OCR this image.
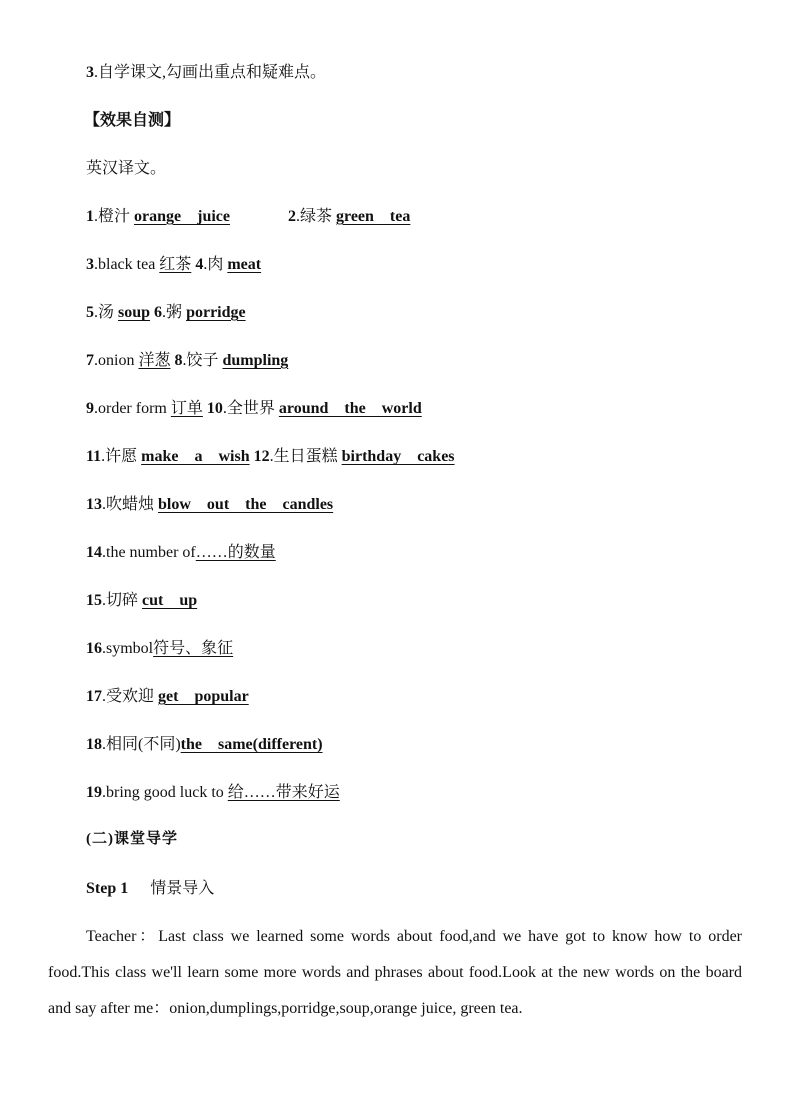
3.自学课文,勾画出重点和疑难点。
【效果自测】
英汉译文。
1.橙汁 orange　juice	2.绿茶 green　tea
3.black tea 红茶 4.肉 meat
5.汤 soup 6.粥 porridge
7.onion 洋葱 8.饺子 dumpling
9.order form 订单 10.全世界 around　the　world
11.许愿 make　a　wish 12.生日蛋糕 birthday　cakes
13.吹蜡烛 blow　out　the　candles
14.the number of……的数量
15.切碎 cut　up
16.symbol符号、象征
17.受欢迎 get　popular
18.相同(不同)the　same(different)
19.bring good luck to 给……带来好运
(二)课堂导学
Step 1 情景导入
Teacher：Last class we learned some words about food,and we have got to know how to order food.This class we'll learn some more words and phrases about food.Look at the new words on the board and say after me：onion,dumplings,porridge,soup,orange juice, green tea.
